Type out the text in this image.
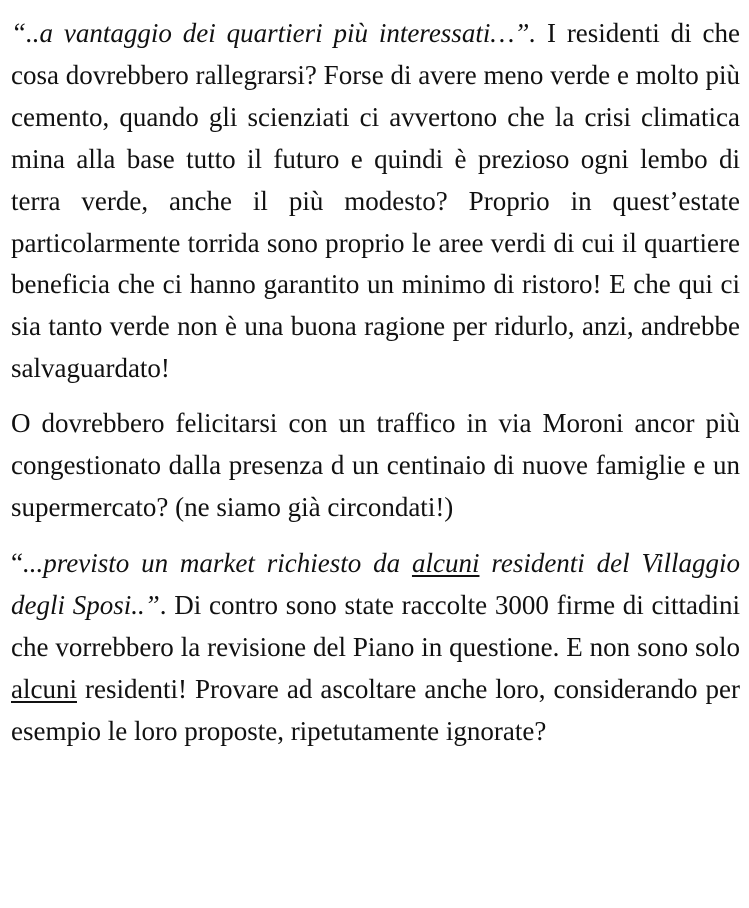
“..a vantaggio dei quartieri più interessati…”. I residenti di che cosa dovrebbero rallegrarsi? Forse di avere meno verde e molto più cemento, quando gli scienziati ci avvertono che la crisi climatica mina alla base tutto il futuro e quindi è prezioso ogni lembo di terra verde, anche il più modesto? Proprio in quest’estate particolarmente torrida sono proprio le aree verdi di cui il quartiere beneficia che ci hanno garantito un minimo di ristoro! E che qui ci sia tanto verde non è una buona ragione per ridurlo, anzi, andrebbe salvaguardato!

O dovrebbero felicitarsi con un traffico in via Moroni ancor più congestionato dalla presenza d un centinaio di nuove famiglie e un supermercato? (ne siamo già circondati!)

“...previsto un market richiesto da alcuni residenti del Villaggio degli Sposi..”. Di contro sono state raccolte 3000 firme di cittadini che vorrebbero la revisione del Piano in questione. E non sono solo alcuni residenti! Provare ad ascoltare anche loro, considerando per esempio le loro proposte, ripetutamente ignorate?
